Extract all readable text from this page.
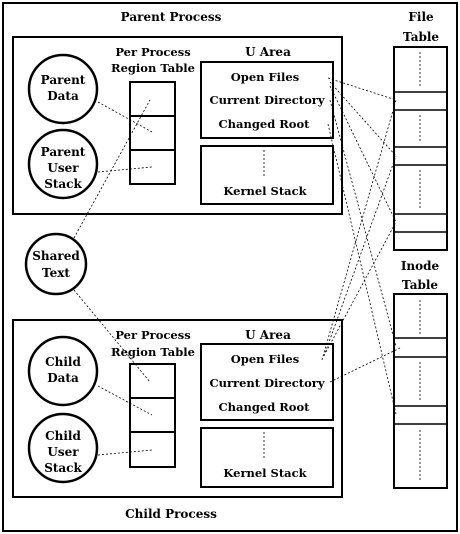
Parent Process
Per Process
Region Table
Parent
Data
Parent
User
Stack
U Area
Open Files
Current Directory
Changed Root
Kernel Stack
Shared
Text
Child Process
Per Process
Region Table
Child
Data
Child
User
Stack
U Area
Open Files
Current Directory
Changed Root
Kernel Stack
File
Table
Inode
Table
